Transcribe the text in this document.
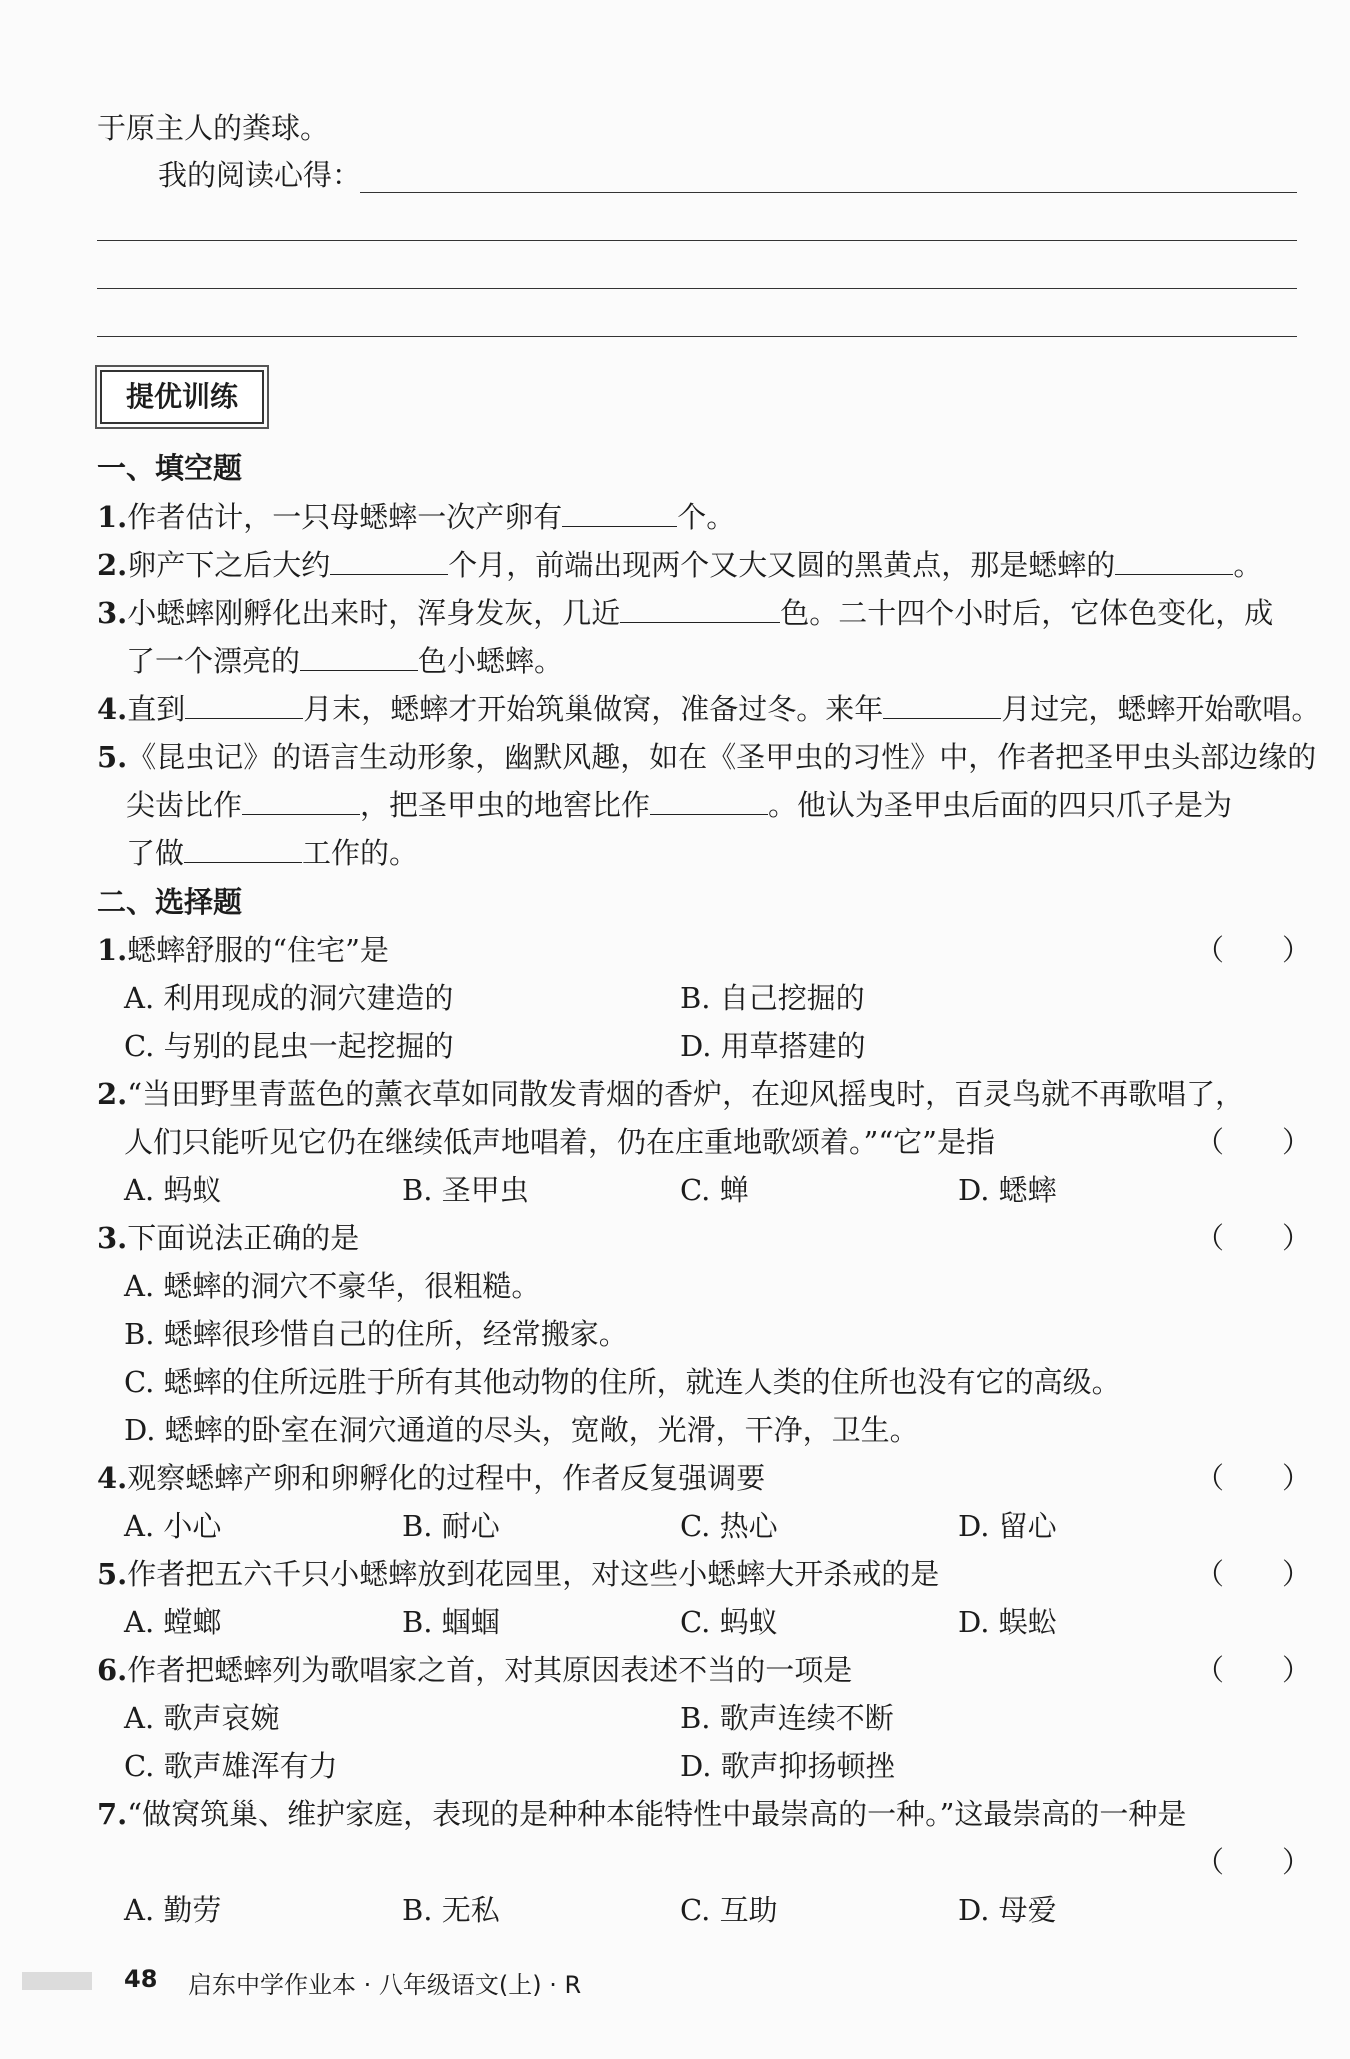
于原主人的粪球。
我的阅读心得：
提优训练
一、填空题
1.作者估计，一只母蟋蟀一次产卵有	个。
2.卵产下之后大约	个月，前端出现两个又大又圆的黑黄点，那是蟋蟀的	。
3.小蟋蟀刚孵化出来时，浑身发灰，几近	色。二十四个小时后，它体色变化，成
了一个漂亮的	色小蟋蟀。
4.直到	月末，蟋蟀才开始筑巢做窝，准备过冬。来年	月过完，蟋蟀开始歌唱。
5.《昆虫记》的语言生动形象，幽默风趣，如在《圣甲虫的习性》中，作者把圣甲虫头部边缘的
尖齿比作	，把圣甲虫的地窖比作	。他认为圣甲虫后面的四只爪子是为
了做	工作的。
二、选择题
1.蟋蟀舒服的“住宅”是	（　　）
A. 利用现成的洞穴建造的	B. 自己挖掘的
C. 与别的昆虫一起挖掘的	D. 用草搭建的
2.“当田野里青蓝色的薰衣草如同散发青烟的香炉，在迎风摇曳时，百灵鸟就不再歌唱了，
人们只能听见它仍在继续低声地唱着，仍在庄重地歌颂着。”“它”是指	（　　）
A. 蚂蚁	B. 圣甲虫	C. 蝉	D. 蟋蟀
3.下面说法正确的是	（　　）
A. 蟋蟀的洞穴不豪华，很粗糙。
B. 蟋蟀很珍惜自己的住所，经常搬家。
C. 蟋蟀的住所远胜于所有其他动物的住所，就连人类的住所也没有它的高级。
D. 蟋蟀的卧室在洞穴通道的尽头，宽敞，光滑，干净，卫生。
4.观察蟋蟀产卵和卵孵化的过程中，作者反复强调要	（　　）
A. 小心	B. 耐心	C. 热心	D. 留心
5.作者把五六千只小蟋蟀放到花园里，对这些小蟋蟀大开杀戒的是	（　　）
A. 螳螂	B. 蝈蝈	C. 蚂蚁	D. 蜈蚣
6.作者把蟋蟀列为歌唱家之首，对其原因表述不当的一项是	（　　）
A. 歌声哀婉	B. 歌声连续不断
C. 歌声雄浑有力	D. 歌声抑扬顿挫
7.“做窝筑巢、维护家庭，表现的是种种本能特性中最崇高的一种。”这最崇高的一种是
（　　）
A. 勤劳	B. 无私	C. 互助	D. 母爱
48 启东中学作业本 · 八年级语文(上) · R
